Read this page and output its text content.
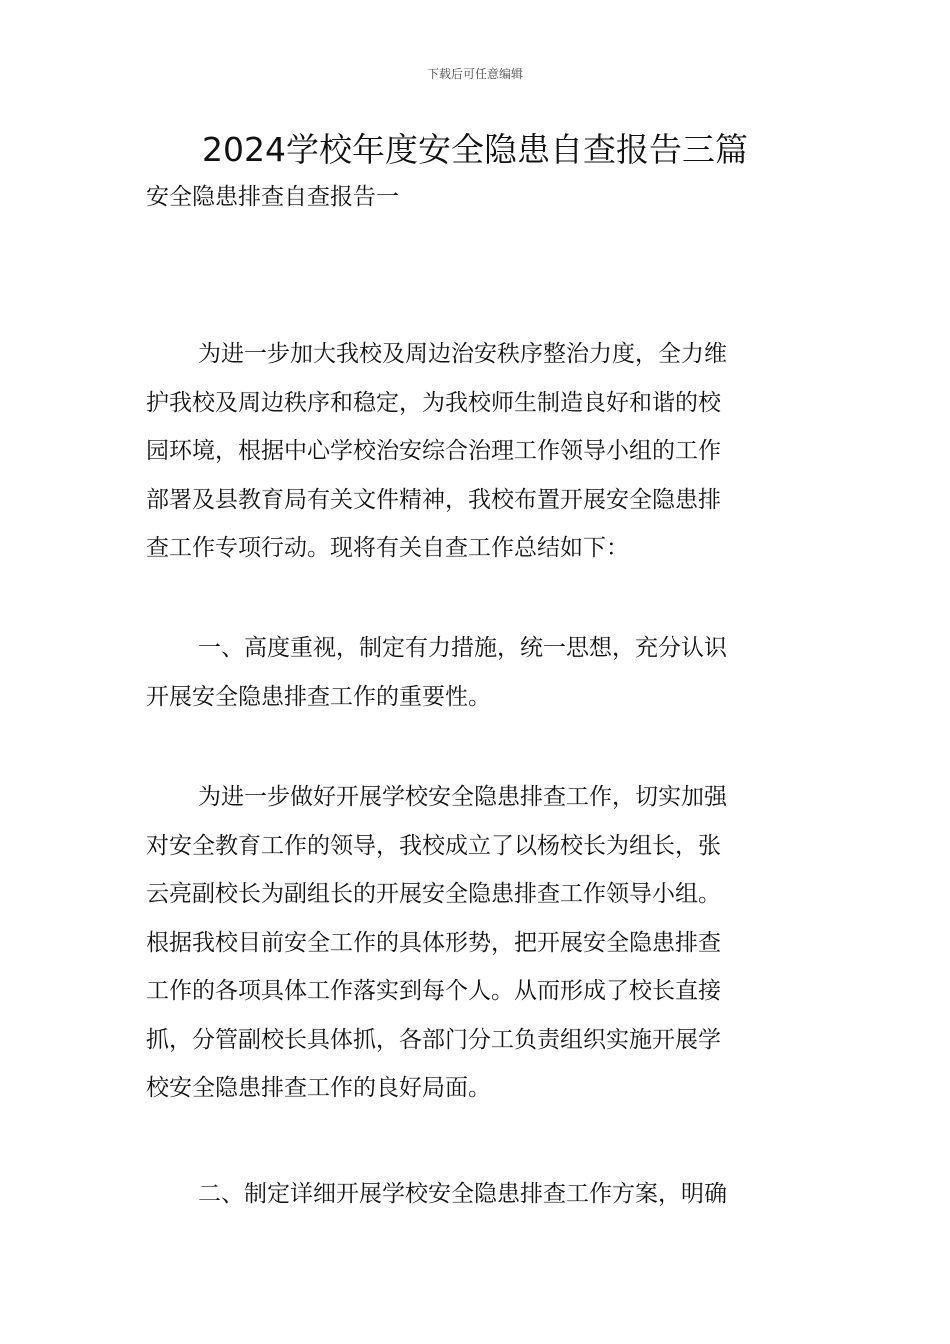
下载后可任意编辑
2024学校年度安全隐患自查报告三篇
安全隐患排查自查报告一

为进一步加大我校及周边治安秩序整治力度，全力维
护我校及周边秩序和稳定，为我校师生制造良好和谐的校
园环境，根据中心学校治安综合治理工作领导小组的工作
部署及县教育局有关文件精神，我校布置开展安全隐患排
查工作专项行动。现将有关自查工作总结如下：

一、高度重视，制定有力措施，统一思想，充分认识
开展安全隐患排查工作的重要性。

为进一步做好开展学校安全隐患排查工作，切实加强
对安全教育工作的领导，我校成立了以杨校长为组长，张
云亮副校长为副组长的开展安全隐患排查工作领导小组。
根据我校目前安全工作的具体形势，把开展安全隐患排查
工作的各项具体工作落实到每个人。从而形成了校长直接
抓，分管副校长具体抓，各部门分工负责组织实施开展学
校安全隐患排查工作的良好局面。

二、制定详细开展学校安全隐患排查工作方案，明确
